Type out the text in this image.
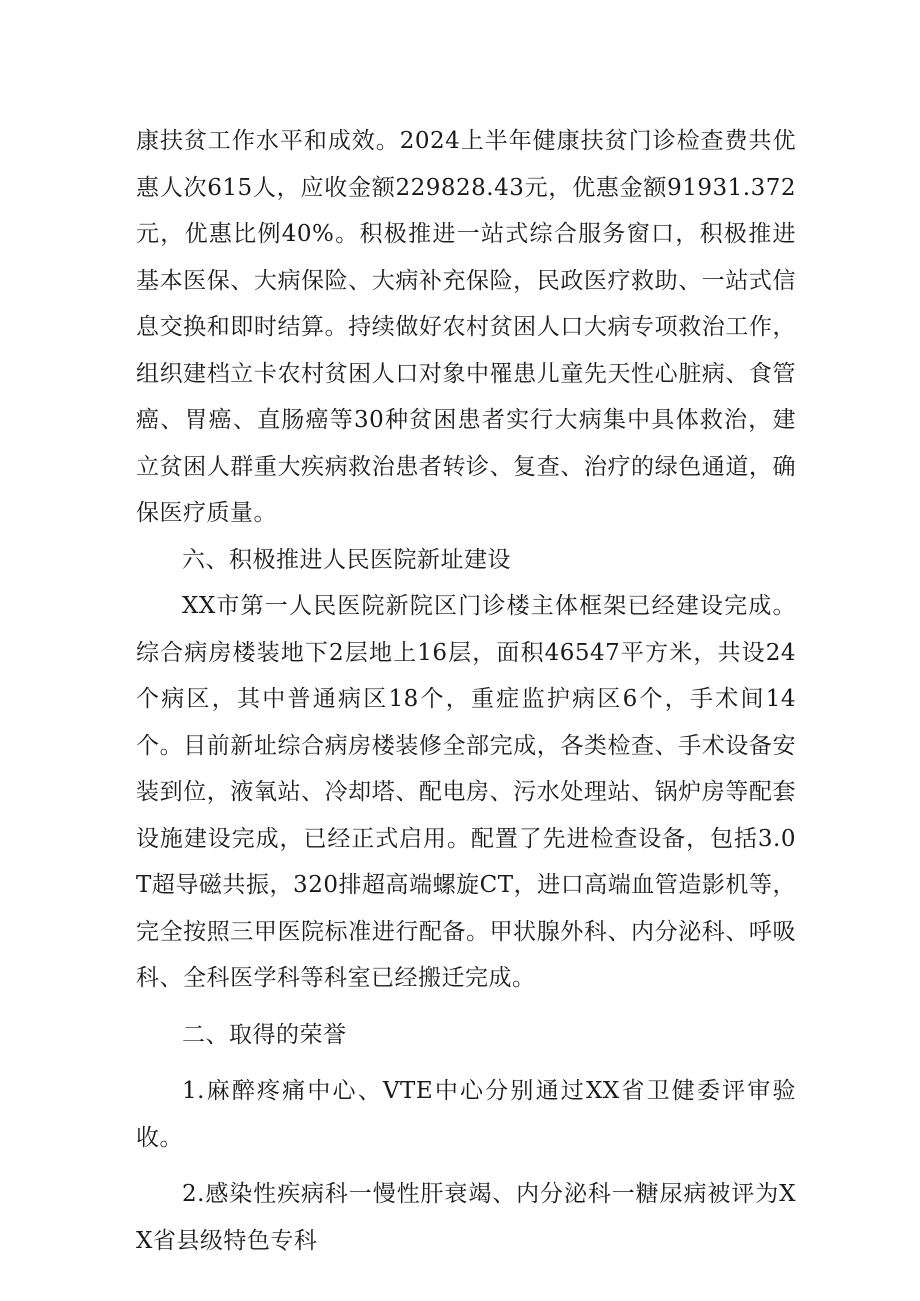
康扶贫工作水平和成效。2024上半年健康扶贫门诊检查费共优惠人次615人，应收金额229828.43元，优惠金额91931.372元，优惠比例40%。积极推进一站式综合服务窗口，积极推进基本医保、大病保险、大病补充保险，民政医疗救助、一站式信息交换和即时结算。持续做好农村贫困人口大病专项救治工作，组织建档立卡农村贫困人口对象中罹患儿童先天性心脏病、食管癌、胃癌、直肠癌等30种贫困患者实行大病集中具体救治，建立贫困人群重大疾病救治患者转诊、复查、治疗的绿色通道，确保医疗质量。

六、积极推进人民医院新址建设

XX市第一人民医院新院区门诊楼主体框架已经建设完成。综合病房楼装地下2层地上16层，面积46547平方米，共设24个病区，其中普通病区18个，重症监护病区6个，手术间14个。目前新址综合病房楼装修全部完成，各类检查、手术设备安装到位，液氧站、冷却塔、配电房、污水处理站、锅炉房等配套设施建设完成，已经正式启用。配置了先进检查设备，包括3.0T超导磁共振，320排超高端螺旋CT，进口高端血管造影机等，完全按照三甲医院标准进行配备。甲状腺外科、内分泌科、呼吸科、全科医学科等科室已经搬迁完成。

二、取得的荣誉

1.麻醉疼痛中心、VTE中心分别通过XX省卫健委评审验收。

2.感染性疾病科一慢性肝衰竭、内分泌科一糖尿病被评为XX省县级特色专科
